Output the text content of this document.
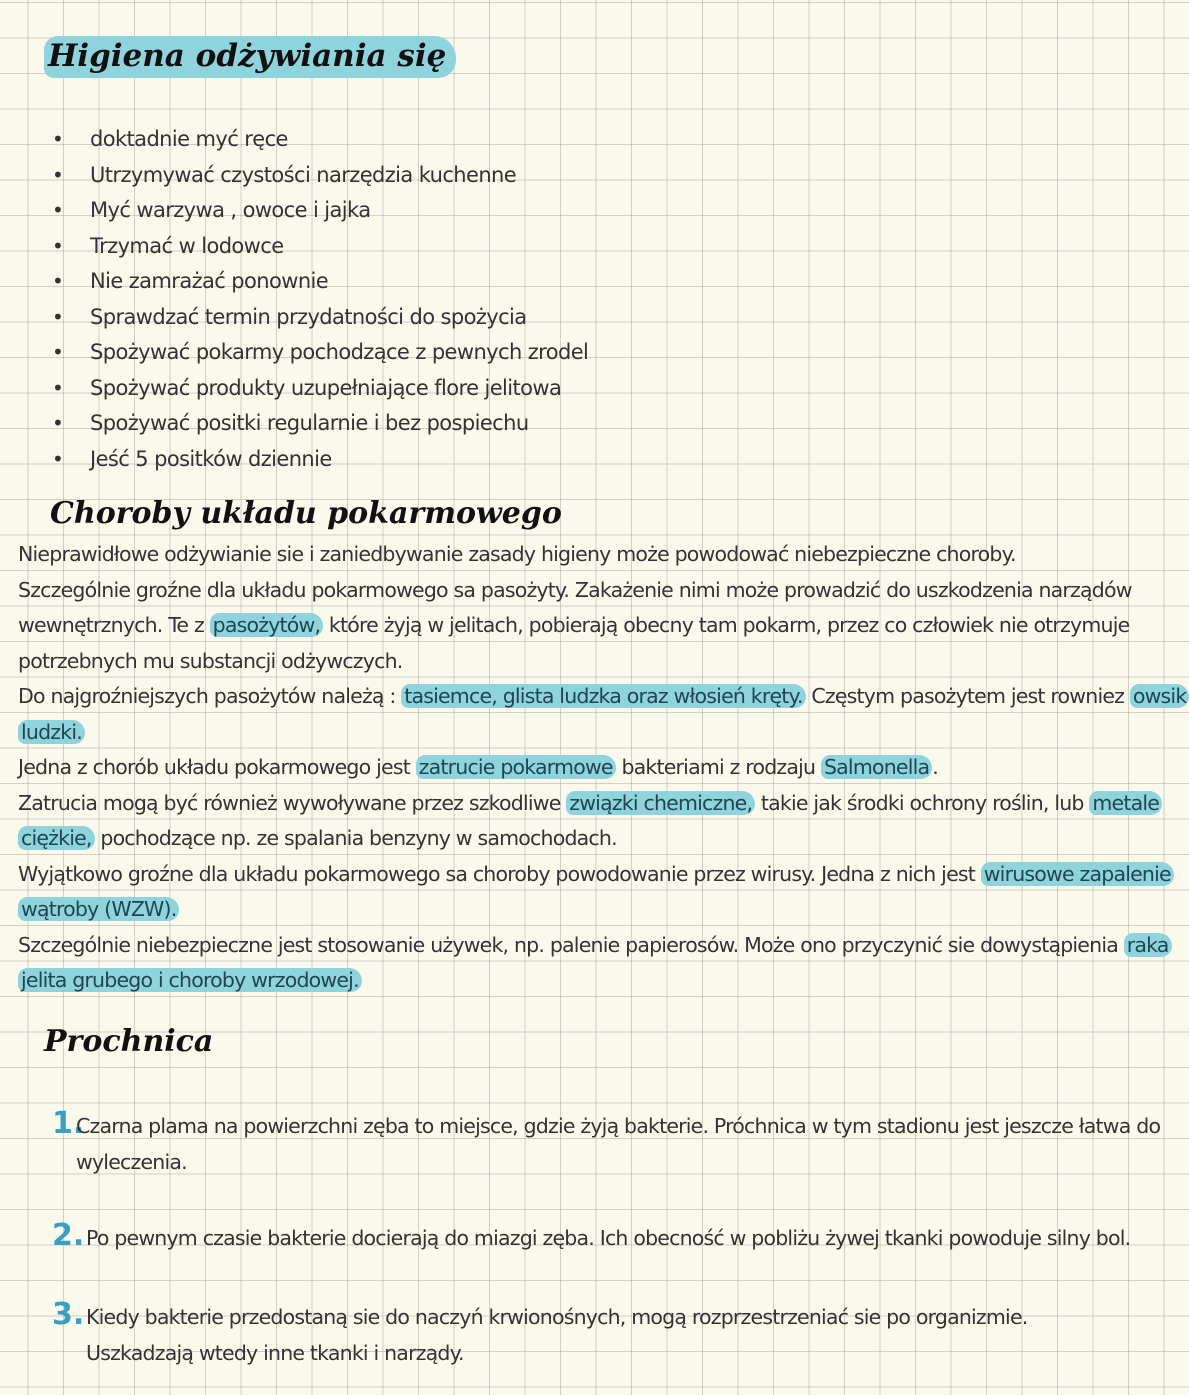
Higiena odżywiania się
• doktadnie myć ręce
• Utrzymywać czystości narzędzia kuchenne
• Myć warzywa , owoce i jajka
• Trzymać w lodowce
• Nie zamrażać ponownie
• Sprawdzać termin przydatności do spożycia
• Spożywać pokarmy pochodzące z pewnych zrodel
• Spożywać produkty uzupełniające flore jelitowa
• Spożywać positki regularnie i bez pospiechu
• Jeść 5 positków dziennie
Choroby układu pokarmowego
Nieprawidłowe odżywianie sie i zaniedbywanie zasady higieny może powodować niebezpieczne choroby.
Szczególnie groźne dla układu pokarmowego sa pasożyty. Zakażenie nimi może prowadzić do uszkodzenia narządów
wewnętrznych. Te z pasożytów, które żyją w jelitach, pobierają obecny tam pokarm, przez co człowiek nie otrzymuje
potrzebnych mu substancji odżywczych.
Do najgroźniejszych pasożytów należą : tasiemce, glista ludzka oraz włosień kręty. Częstym pasożytem jest rowniez owsik
ludzki.
Jedna z chorób układu pokarmowego jest zatrucie pokarmowe bakteriami z rodzaju Salmonella .
Zatrucia mogą być również wywoływane przez szkodliwe związki chemiczne, takie jak środki ochrony roślin, lub metale
ciężkie, pochodzące np. ze spalania benzyny w samochodach.
Wyjątkowo groźne dla układu pokarmowego sa choroby powodowanie przez wirusy. Jedna z nich jest wirusowe zapalenie
wątroby (WZW).
Szczególnie niebezpieczne jest stosowanie używek, np. palenie papierosów. Może ono przyczynić sie dowystąpienia raka
jelita grubego i choroby wrzodowej.
Prochnica
1.
Czarna plama na powierzchni zęba to miejsce, gdzie żyją bakterie. Próchnica w tym stadionu jest jeszcze łatwa do
wyleczenia.
2. Po pewnym czasie bakterie docierają do miazgi zęba. Ich obecność w pobliżu żywej tkanki powoduje silny bol.
3. Kiedy bakterie przedostaną sie do naczyń krwionośnych, mogą rozprzestrzeniać sie po organizmie.
Uszkadzają wtedy inne tkanki i narządy.
